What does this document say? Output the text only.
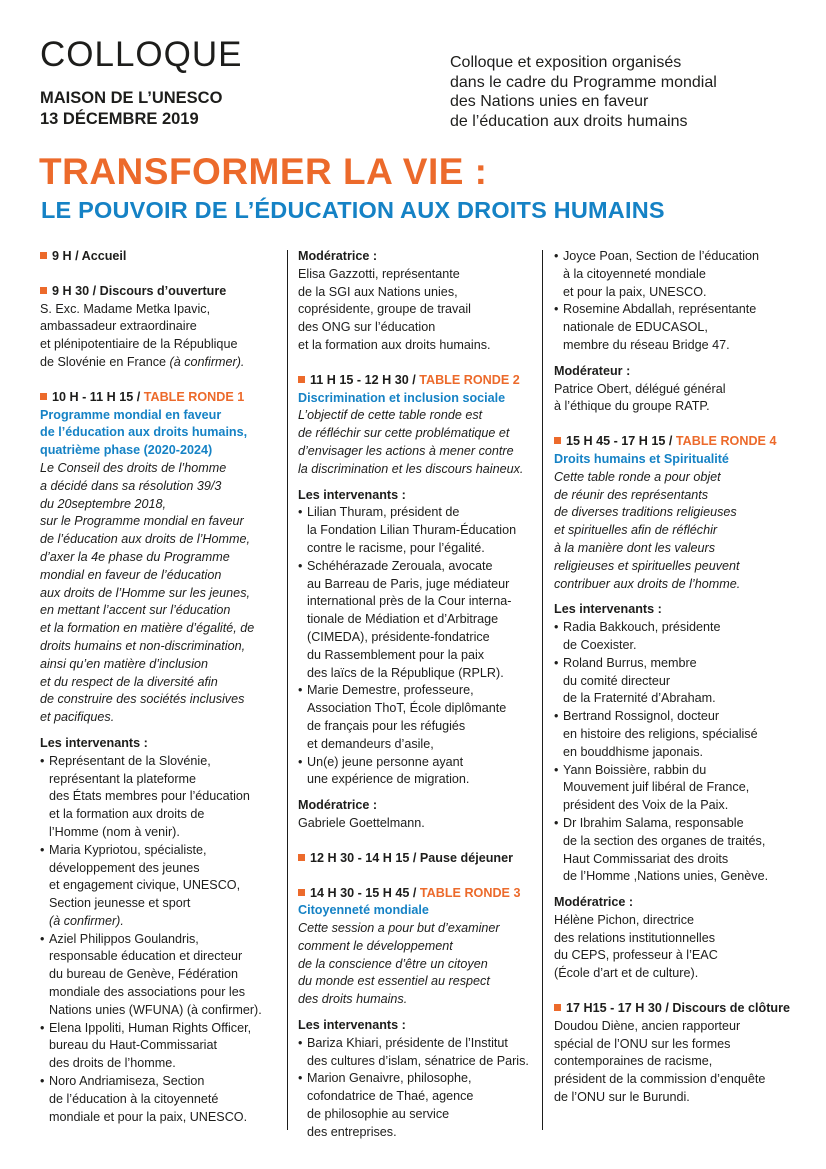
COLLOQUE
MAISON DE L’UNESCO
13 DÉCEMBRE 2019
Colloque et exposition organisés
dans le cadre du Programme mondial
des Nations unies en faveur
de l’éducation aux droits humains
TRANSFORMER LA VIE :
LE POUVOIR DE L’ÉDUCATION AUX DROITS HUMAINS
9 H / Accueil
9 H 30 / Discours d’ouverture
S. Exc. Madame Metka Ipavic,
ambassadeur extraordinaire
et plénipotentiaire de la République
de Slovénie en France (à confirmer).
10 H - 11 H 15 / TABLE RONDE 1
Programme mondial en faveur
de l’éducation aux droits humains,
quatrième phase (2020-2024)
Le Conseil des droits de l’homme
a décidé dans sa résolution 39/3
du 20septembre 2018,
sur le Programme mondial en faveur
de l’éducation aux droits de l’Homme,
d’axer la 4e phase du Programme
mondial en faveur de l’éducation
aux droits de l’Homme sur les jeunes,
en mettant l’accent sur l’éducation
et la formation en matière d’égalité, de
droits humains et non-discrimination,
ainsi qu’en matière d’inclusion
et du respect de la diversité afin
de construire des sociétés inclusives
et pacifiques.
Les intervenants :
• Représentant de la Slovénie,
représentant la plateforme
des États membres pour l’éducation
et la formation aux droits de
l’Homme (nom à venir).
• Maria Kypriotou, spécialiste,
développement des jeunes
et engagement civique, UNESCO,
Section jeunesse et sport
(à confirmer).
• Aziel Philippos Goulandris,
responsable éducation et directeur
du bureau de Genève, Fédération
mondiale des associations pour les
Nations unies (WFUNA) (à confirmer).
• Elena Ippoliti, Human Rights Officer,
bureau du Haut-Commissariat
des droits de l’homme.
• Noro Andriamiseza, Section
de l’éducation à la citoyenneté
mondiale et pour la paix, UNESCO.
Modératrice :
Elisa Gazzotti, représentante
de la SGI aux Nations unies,
coprésidente, groupe de travail
des ONG sur l’éducation
et la formation aux droits humains.
11 H 15 - 12 H 30 / TABLE RONDE 2
Discrimination et inclusion sociale
L’objectif de cette table ronde est
de réfléchir sur cette problématique et
d’envisager les actions à mener contre
la discrimination et les discours haineux.
Les intervenants :
• Lilian Thuram, président de
la Fondation Lilian Thuram-Éducation
contre le racisme, pour l’égalité.
• Schéhérazade Zerouala, avocate
au Barreau de Paris, juge médiateur
international près de la Cour interna-
tionale de Médiation et d’Arbitrage
(CIMEDA), présidente-fondatrice
du Rassemblement pour la paix
des laïcs de la République (RPLR).
• Marie Demestre, professeure,
Association ThoT, École diplômante
de français pour les réfugiés
et demandeurs d’asile,
• Un(e) jeune personne ayant
une expérience de migration.
Modératrice :
Gabriele Goettelmann.
12 H 30 - 14 H 15 / Pause déjeuner
14 H 30 - 15 H 45 / TABLE RONDE 3
Citoyenneté mondiale
Cette session a pour but d’examiner
comment le développement
de la conscience d’être un citoyen
du monde est essentiel au respect
des droits humains.
Les intervenants :
• Bariza Khiari, présidente de l’Institut
des cultures d’islam, sénatrice de Paris.
• Marion Genaivre, philosophe,
cofondatrice de Thaé, agence
de philosophie au service
des entreprises.
• Joyce Poan, Section de l’éducation
à la citoyenneté mondiale
et pour la paix, UNESCO.
• Rosemine Abdallah, représentante
nationale de EDUCASOL,
membre du réseau Bridge 47.
Modérateur :
Patrice Obert, délégué général
à l’éthique du groupe RATP.
15 H 45 - 17 H 15 / TABLE RONDE 4
Droits humains et Spiritualité
Cette table ronde a pour objet
de réunir des représentants
de diverses traditions religieuses
et spirituelles afin de réfléchir
à la manière dont les valeurs
religieuses et spirituelles peuvent
contribuer aux droits de l’homme.
Les intervenants :
• Radia Bakkouch, présidente
de Coexister.
• Roland Burrus, membre
du comité directeur
de la Fraternité d’Abraham.
• Bertrand Rossignol, docteur
en histoire des religions, spécialisé
en bouddhisme japonais.
• Yann Boissière, rabbin du
Mouvement juif libéral de France,
président des Voix de la Paix.
• Dr Ibrahim Salama, responsable
de la section des organes de traités,
Haut Commissariat des droits
de l’Homme ,Nations unies, Genève.
Modératrice :
Hélène Pichon, directrice
des relations institutionnelles
du CEPS, professeur à l’EAC
(École d’art et de culture).
17 H15 - 17 H 30 / Discours de clôture
Doudou Diène, ancien rapporteur
spécial de l’ONU sur les formes
contemporaines de racisme,
président de la commission d’enquête
de l’ONU sur le Burundi.
